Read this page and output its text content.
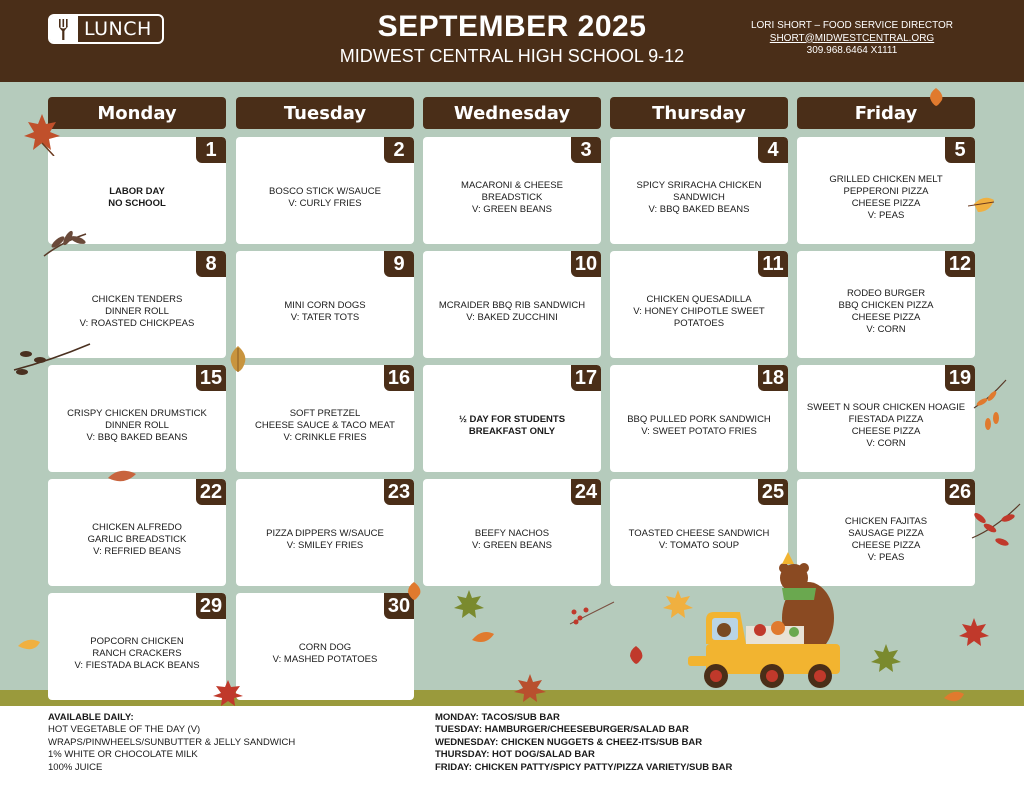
LUNCH	SEPTEMBER 2025
MIDWEST CENTRAL HIGH SCHOOL 9-12
LORI SHORT – FOOD SERVICE DIRECTOR
SHORT@MIDWESTCENTRAL.ORG
309.968.6464 X1111
Monday	Tuesday	Wednesday	Thursday	Friday
1
LABOR DAY
NO SCHOOL
2
BOSCO STICK W/SAUCE
V: CURLY FRIES
3
MACARONI & CHEESE
BREADSTICK
V: GREEN BEANS
4
SPICY SRIRACHA CHICKEN
SANDWICH
V: BBQ BAKED BEANS
5
GRILLED CHICKEN MELT
PEPPERONI PIZZA
CHEESE PIZZA
V: PEAS
8
CHICKEN TENDERS
DINNER ROLL
V: ROASTED CHICKPEAS
9
MINI CORN DOGS
V: TATER TOTS
10
MCRAIDER BBQ RIB SANDWICH
V: BAKED ZUCCHINI
11
CHICKEN QUESADILLA
V: HONEY CHIPOTLE SWEET
POTATOES
12
RODEO BURGER
BBQ CHICKEN PIZZA
CHEESE PIZZA
V: CORN
15
CRISPY CHICKEN DRUMSTICK
DINNER ROLL
V: BBQ BAKED BEANS
16
SOFT PRETZEL
CHEESE SAUCE & TACO MEAT
V: CRINKLE FRIES
17
½ DAY FOR STUDENTS
BREAKFAST ONLY
18
BBQ PULLED PORK SANDWICH
V: SWEET POTATO FRIES
19
SWEET N SOUR CHICKEN HOAGIE
FIESTADA PIZZA
CHEESE PIZZA
V: CORN
22
CHICKEN ALFREDO
GARLIC BREADSTICK
V: REFRIED BEANS
23
PIZZA DIPPERS W/SAUCE
V: SMILEY FRIES
24
BEEFY NACHOS
V: GREEN BEANS
25
TOASTED CHEESE SANDWICH
V: TOMATO SOUP
26
CHICKEN FAJITAS
SAUSAGE PIZZA
CHEESE PIZZA
V: PEAS
29
POPCORN CHICKEN
RANCH CRACKERS
V: FIESTADA BLACK BEANS
30
CORN DOG
V: MASHED POTATOES
AVAILABLE DAILY:
HOT VEGETABLE OF THE DAY (V)
WRAPS/PINWHEELS/SUNBUTTER & JELLY SANDWICH
1% WHITE OR CHOCOLATE MILK
100% JUICE
MONDAY: TACOS/SUB BAR
TUESDAY: HAMBURGER/CHEESEBURGER/SALAD BAR
WEDNESDAY: CHICKEN NUGGETS & CHEEZ-ITS/SUB BAR
THURSDAY: HOT DOG/SALAD BAR
FRIDAY: CHICKEN PATTY/SPICY PATTY/PIZZA VARIETY/SUB BAR
